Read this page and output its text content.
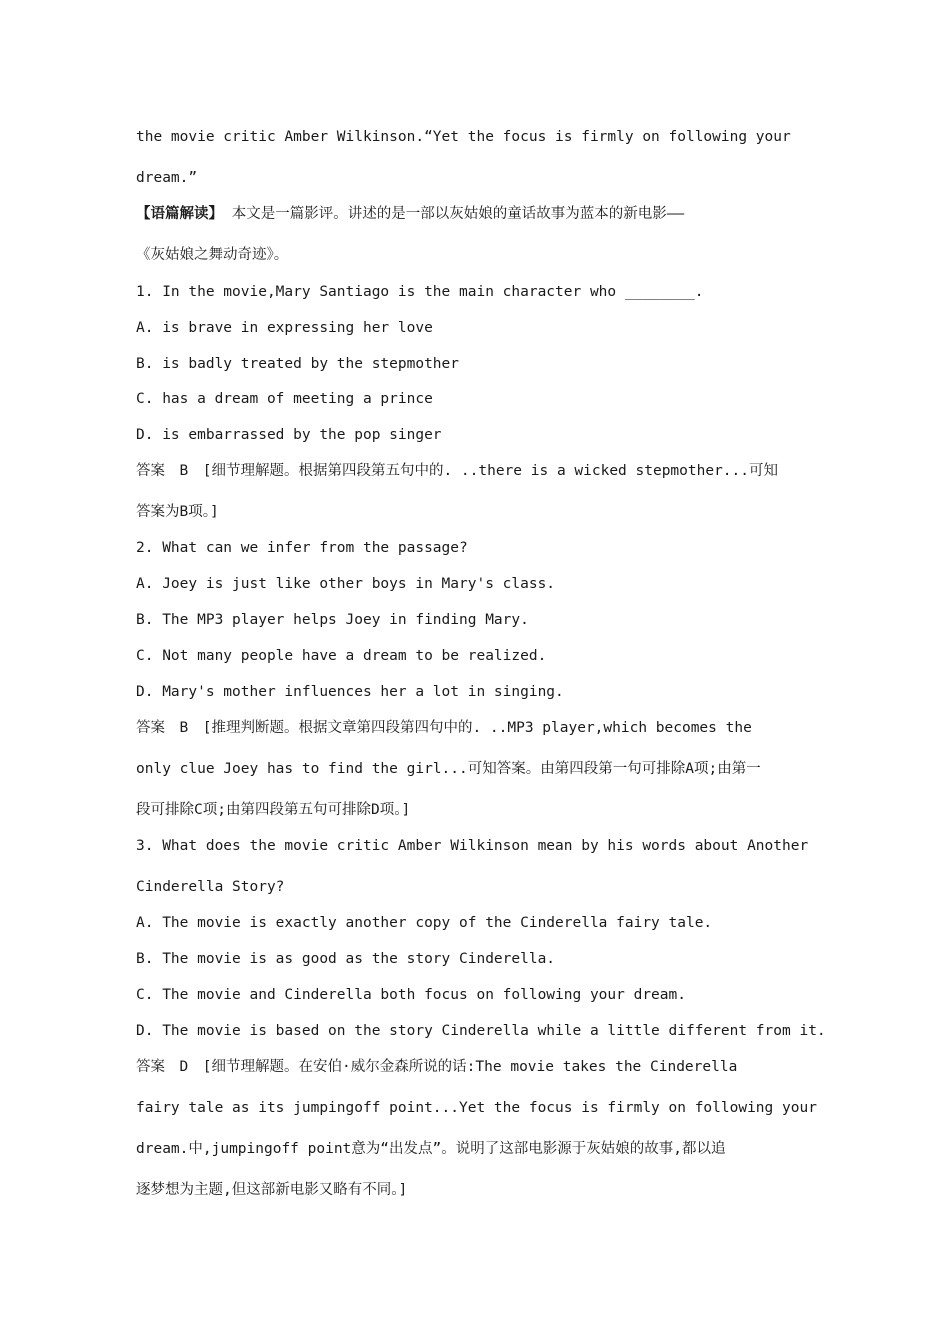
the movie critic Amber Wilkinson.“Yet the focus is firmly on following your
dream.”
【语篇解读】 本文是一篇影评。讲述的是一部以灰姑娘的童话故事为蓝本的新电影——
《灰姑娘之舞动奇迹》。
1. In the movie,Mary Santiago is the main character who ________.
A. is brave in expressing her love
B. is badly treated by the stepmother
C. has a dream of meeting a prince
D. is embarrassed by the pop singer
答案　B　[细节理解题。根据第四段第五句中的. ..there is a wicked stepmother...可知
答案为B项。]
2. What can we infer from the passage?
A. Joey is just like other boys in Mary's class.
B. The MP3 player helps Joey in finding Mary.
C. Not many people have a dream to be realized.
D. Mary's mother influences her a lot in singing.
答案　B　[推理判断题。根据文章第四段第四句中的. ..MP3 player,which becomes the
only clue Joey has to find the girl...可知答案。由第四段第一句可排除A项;由第一
段可排除C项;由第四段第五句可排除D项。]
3. What does the movie critic Amber Wilkinson mean by his words about Another
Cinderella Story?
A. The movie is exactly another copy of the Cinderella fairy tale.
B. The movie is as good as the story Cinderella.
C. The movie and Cinderella both focus on following your dream.
D. The movie is based on the story Cinderella while a little different from it.
答案　D　[细节理解题。在安伯·威尔金森所说的话:The movie takes the Cinderella
fairy tale as its jumpingoff point...Yet the focus is firmly on following your
dream.中,jumpingoff point意为“出发点”。说明了这部电影源于灰姑娘的故事,都以追
逐梦想为主题,但这部新电影又略有不同。]
